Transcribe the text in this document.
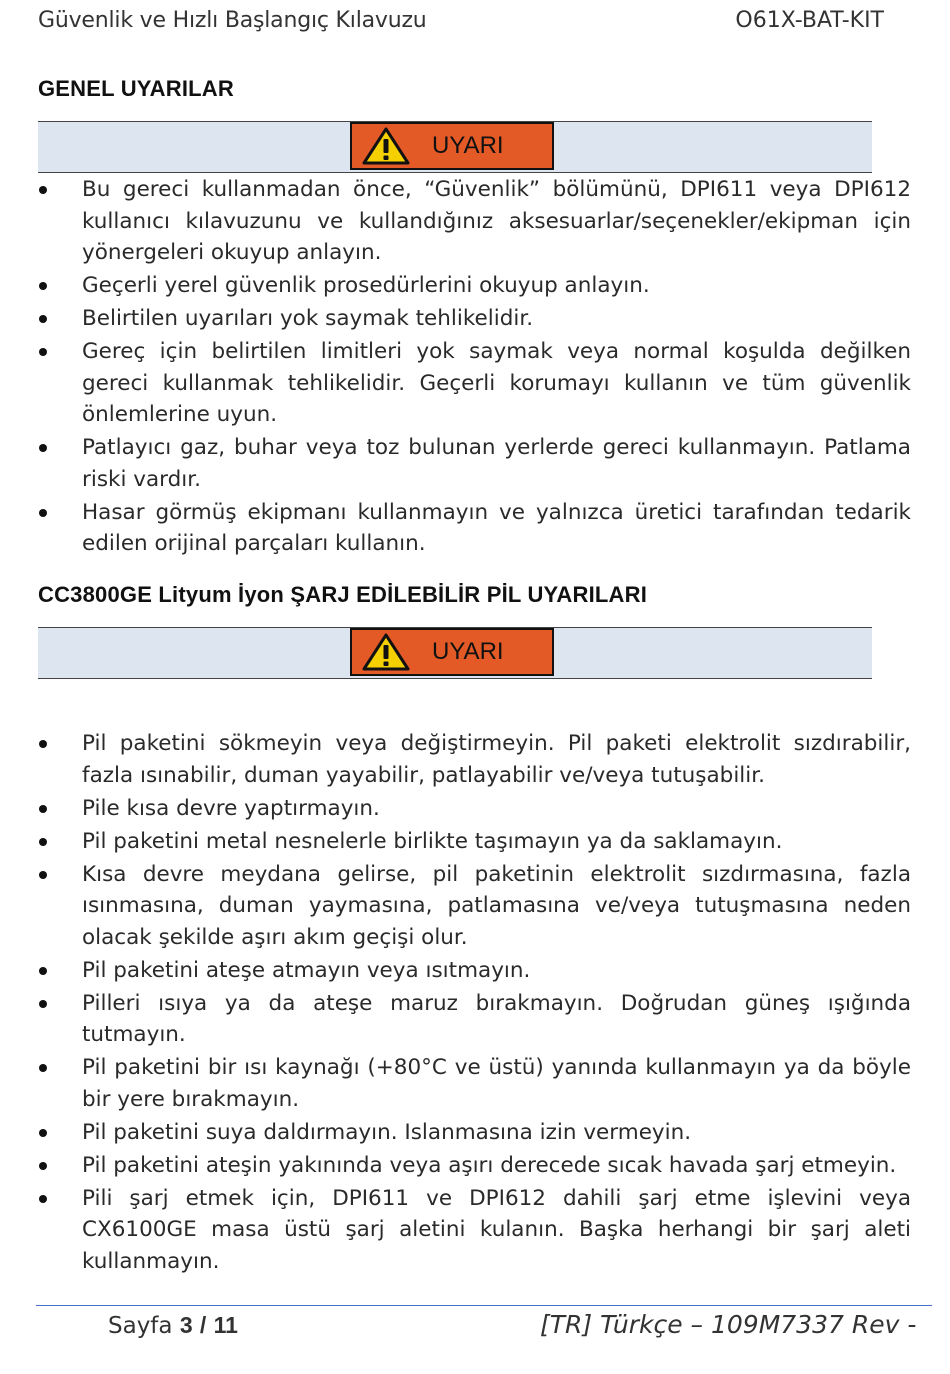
Güvenlik ve Hızlı Başlangıç Kılavuzu	O61X-BAT-KIT
GENEL UYARILAR
UYARI
Bu gereci kullanmadan önce, “Güvenlik” bölümünü, DPI611 veya DPI612 kullanıcı kılavuzunu ve kullandığınız aksesuarlar/seçenekler/ekipman için yönergeleri okuyup anlayın.
Geçerli yerel güvenlik prosedürlerini okuyup anlayın.
Belirtilen uyarıları yok saymak tehlikelidir.
Gereç için belirtilen limitleri yok saymak veya normal koşulda değilken gereci kullanmak tehlikelidir. Geçerli korumayı kullanın ve tüm güvenlik önlemlerine uyun.
Patlayıcı gaz, buhar veya toz bulunan yerlerde gereci kullanmayın. Patlama riski vardır.
Hasar görmüş ekipmanı kullanmayın ve yalnızca üretici tarafından tedarik edilen orijinal parçaları kullanın.
CC3800GE Lityum İyon ŞARJ EDİLEBİLİR PİL UYARILARI
UYARI
Pil paketini sökmeyin veya değiştirmeyin. Pil paketi elektrolit sızdırabilir, fazla ısınabilir, duman yayabilir, patlayabilir ve/veya tutuşabilir.
Pile kısa devre yaptırmayın.
Pil paketini metal nesnelerle birlikte taşımayın ya da saklamayın.
Kısa devre meydana gelirse, pil paketinin elektrolit sızdırmasına, fazla ısınmasına, duman yaymasına, patlamasına ve/veya tutuşmasına neden olacak şekilde aşırı akım geçişi olur.
Pil paketini ateşe atmayın veya ısıtmayın.
Pilleri ısıya ya da ateşe maruz bırakmayın. Doğrudan güneş ışığında tutmayın.
Pil paketini bir ısı kaynağı (+80°C ve üstü) yanında kullanmayın ya da böyle bir yere bırakmayın.
Pil paketini suya daldırmayın. Islanmasına izin vermeyin.
Pil paketini ateşin yakınında veya aşırı derecede sıcak havada şarj etmeyin.
Pili şarj etmek için, DPI611 ve DPI612 dahili şarj etme işlevini veya CX6100GE masa üstü şarj aletini kulanın. Başka herhangi bir şarj aleti kullanmayın.
Sayfa 3 / 11	[TR] Türkçe – 109M7337 Rev -
